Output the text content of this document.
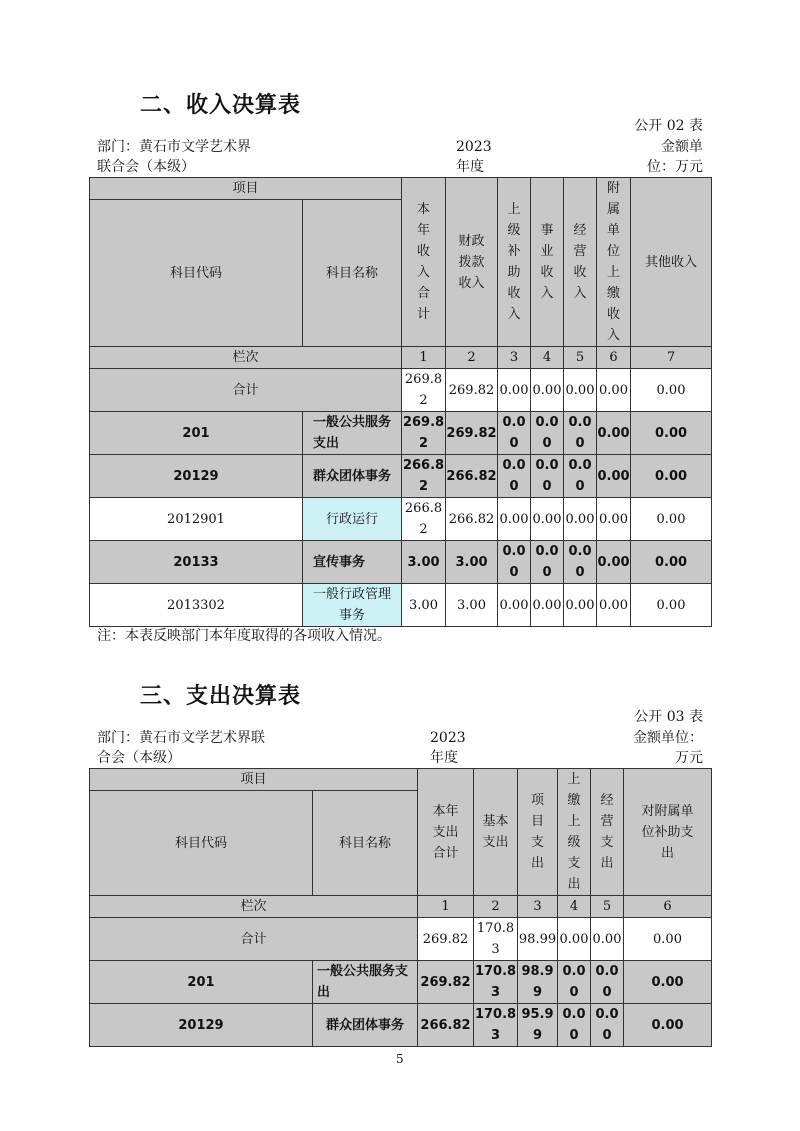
二、收入决算表
公开 02 表
部门：黄石市文学艺术界
联合会（本级）
2023
年度
金额单
位：万元
项目		本年收入合计	财政拨款收入	上级补助收入	事业收入	经营收入	附属单位上缴收入	其他收入
科目代码	科目名称							
栏次		1	2	3	4	5	6	7
合计		269.82	269.82	0.00	0.00	0.00	0.00	0.00
201	一般公共服务支出	269.82	269.82	0.00	0.00	0.00	0.00	0.00
20129	群众团体事务	266.82	266.82	0.00	0.00	0.00	0.00	0.00
2012901	行政运行	266.82	266.82	0.00	0.00	0.00	0.00	0.00
20133	宣传事务	3.00	3.00	0.00	0.00	0.00	0.00	0.00
2013302	一般行政管理事务	3.00	3.00	0.00	0.00	0.00	0.00	0.00
注：本表反映部门本年度取得的各项收入情况。
三、支出决算表
公开 03 表
部门：黄石市文学艺术界联
合会（本级）
2023
年度
金额单位：
万元
项目		本年支出合计	基本支出	项目支出	上缴上级支出	经营支出	对附属单位补助支出
科目代码	科目名称						
栏次		1	2	3	4	5	6
合计		269.82	170.83	98.99	0.00	0.00	0.00
201	一般公共服务支出	269.82	170.83	98.99	0.00	0.00	0.00
20129	群众团体事务	266.82	170.83	95.99	0.00	0.00	0.00
5
